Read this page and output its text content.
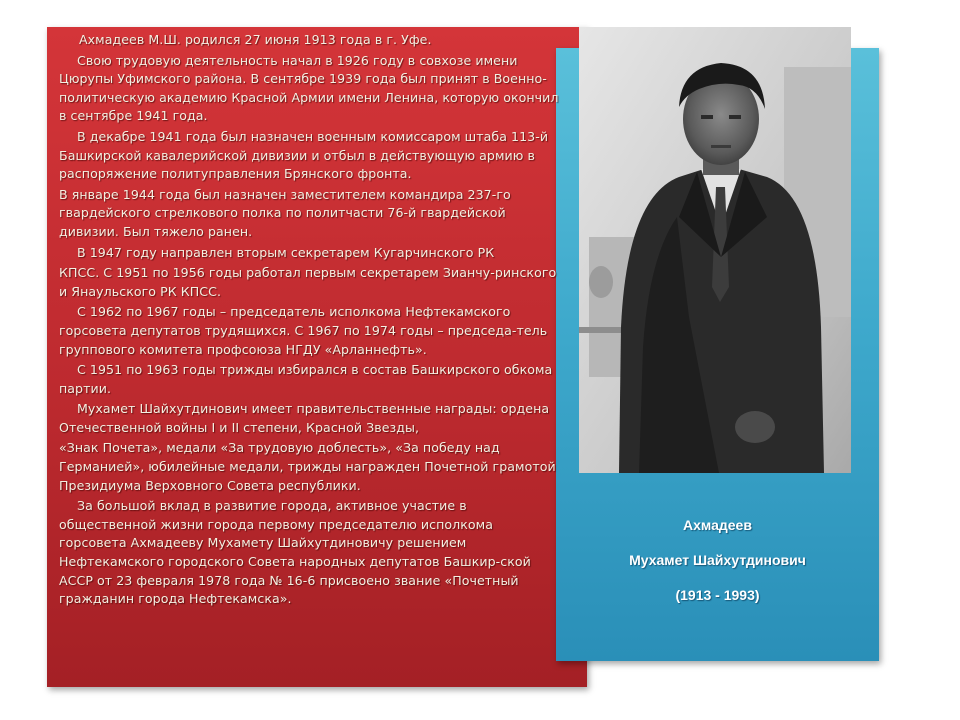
Ахмадеев М.Ш. родился 27 июня 1913 года в г. Уфе.

Свою трудовую деятельность начал в 1926 году в совхозе имени Цюрупы Уфимского района. В сентябре 1939 года был принят в Военно-политическую академию Красной Армии имени Ленина, которую окончил в сентябре 1941 года.

В декабре 1941 года был назначен военным комиссаром штаба 113-й Башкирской кавалерийской дивизии и отбыл в действующую армию в распоряжение политуправления Брянского фронта.

В январе 1944 года был назначен заместителем командира 237-го гвардейского стрелкового полка по политчасти 76-й гвардейской дивизии. Был тяжело ранен.

В 1947 году направлен вторым секретарем Кугарчинского РК

КПСС. С 1951 по 1956 годы работал первым секретарем Зианчу-ринского и Янаульского РК КПСС.

С 1962 по 1967 годы – председатель исполкома Нефтекамского горсовета депутатов трудящихся. С 1967 по 1974 годы – председа-тель группового комитета профсоюза НГДУ «Арланнефть».

С 1951 по 1963 годы трижды избирался в состав Башкирского обкома партии.

Мухамет Шайхутдинович имеет правительственные награды: ордена Отечественной войны I и II степени, Красной Звезды,

«Знак Почета», медали «За трудовую доблесть», «За победу над Германией», юбилейные медали, трижды награжден Почетной грамотой Президиума Верховного Совета республики.

За большой вклад в развитие города, активное участие в общественной жизни города первому председателю исполкома горсовета Ахмадееву Мухамету Шайхутдиновичу решением Нефтекамского городского Совета народных депутатов Башкир-ской АССР от 23 февраля 1978 года № 16-6 присвоено звание «Почетный гражданин города Нефтекамска».

Ахмадеев
Мухамет Шайхутдинович
(1913 - 1993)
